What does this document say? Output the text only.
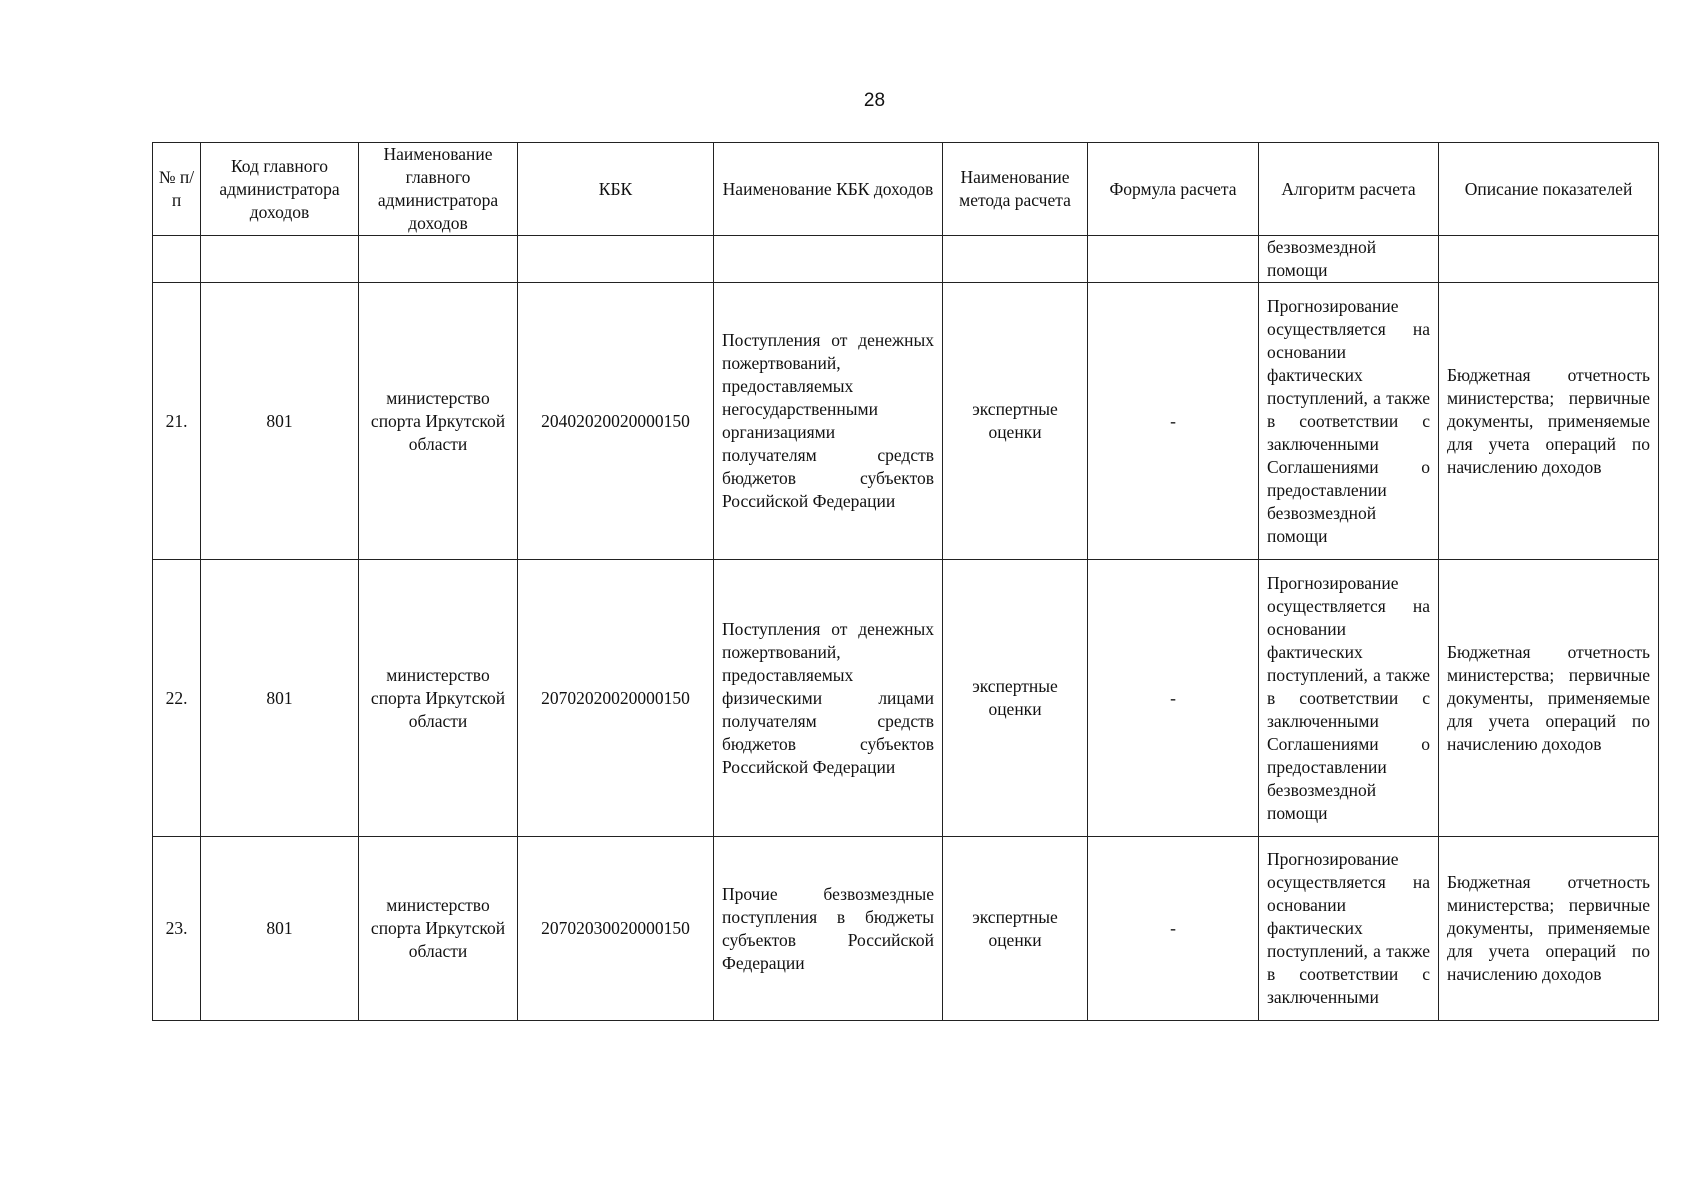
28
№ п/п	Код главного администратора доходов	Наименование главного администратора доходов	КБК	Наименование КБК доходов	Наименование метода расчета	Формула расчета	Алгоритм расчета	Описание показателей
							безвозмездной помощи	
21.	801	министерство спорта Иркутской области	20402020020000150	Поступления от денежных пожертвований, предоставляемых негосударственными организациями получателям средств бюджетов субъектов Российской Федерации	экспертные оценки	-	Прогнозирование осуществляется на основании фактических поступлений, а также в соответствии с заключенными Соглашениями о предоставлении безвозмездной помощи	Бюджетная отчетность министерства; первичные документы, применяемые для учета операций по начислению доходов
22.	801	министерство спорта Иркутской области	20702020020000150	Поступления от денежных пожертвований, предоставляемых физическими лицами получателям средств бюджетов субъектов Российской Федерации	экспертные оценки	-	Прогнозирование осуществляется на основании фактических поступлений, а также в соответствии с заключенными Соглашениями о предоставлении безвозмездной помощи	Бюджетная отчетность министерства; первичные документы, применяемые для учета операций по начислению доходов
23.	801	министерство спорта Иркутской области	20702030020000150	Прочие безвозмездные поступления в бюджеты субъектов Российской Федерации	экспертные оценки	-	Прогнозирование осуществляется на основании фактических поступлений, а также в соответствии с заключенными	Бюджетная отчетность министерства; первичные документы, применяемые для учета операций по начислению доходов
